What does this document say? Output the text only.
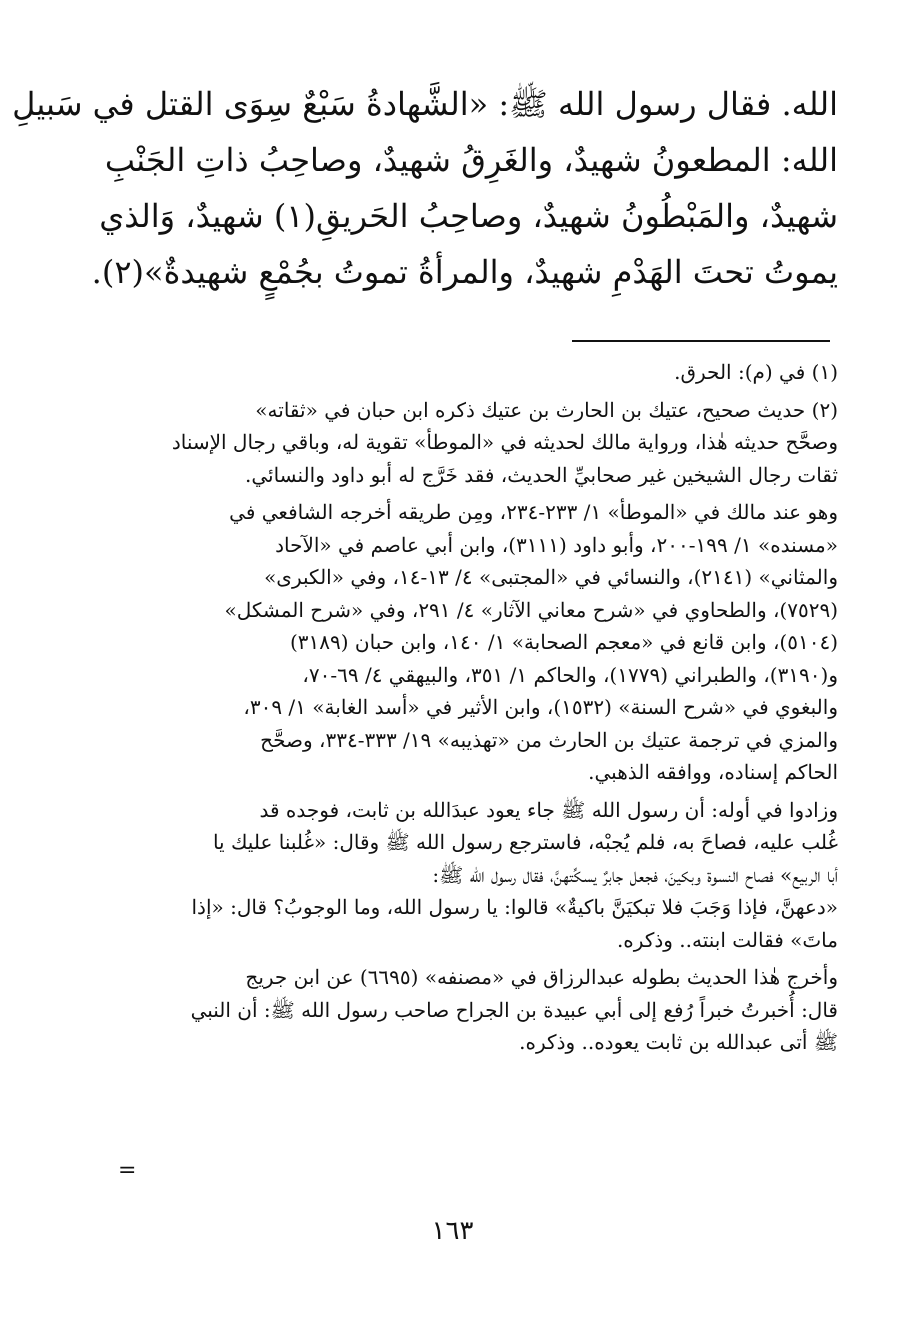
الله. فقال رسول الله ﷺ: «الشَّهادةُ سَبْعٌ سِوَى القتل في سَبيلِ
الله: المطعونُ شهيدٌ، والغَرِقُ شهيدٌ، وصاحِبُ ذاتِ الجَنْبِ
شهيدٌ، والمَبْطُونُ شهيدٌ، وصاحِبُ الحَريقِ(١) شهيدٌ، وَالذي
يموتُ تحتَ الهَدْمِ شهيدٌ، والمرأةُ تموتُ بجُمْعٍ شهيدةٌ»(٢).
(١) في (م): الحرق.
(٢) حديث صحيح، عتيك بن الحارث بن عتيك ذكره ابن حبان في «ثقاته»
وصحَّح حديثه هٰذا، ورواية مالك لحديثه في «الموطأ» تقوية له، وباقي رجال الإسناد
ثقات رجال الشيخين غير صحابيِّ الحديث، فقد خَرَّج له أبو داود والنسائي.
وهو عند مالك في «الموطأ» ١/ ٢٣٣-٢٣٤، ومِن طريقه أخرجه الشافعي في
«مسنده» ١/ ١٩٩-٢٠٠، وأبو داود (٣١١١)، وابن أبي عاصم في «الآحاد
والمثاني» (٢١٤١)، والنسائي في «المجتبى» ٤/ ١٣-١٤، وفي «الكبرى»
(٧٥٢٩)، والطحاوي في «شرح معاني الآثار» ٤/ ٢٩١، وفي «شرح المشكل»
(٥١٠٤)، وابن قانع في «معجم الصحابة» ١/ ١٤٠، وابن حبان (٣١٨٩)
و(٣١٩٠)، والطبراني (١٧٧٩)، والحاكم ١/ ٣٥١، والبيهقي ٤/ ٦٩-٧٠،
والبغوي في «شرح السنة» (١٥٣٢)، وابن الأثير في «أسد الغابة» ١/ ٣٠٩،
والمزي في ترجمة عتيك بن الحارث من «تهذيبه» ١٩/ ٣٣٣-٣٣٤، وصحَّح
الحاكم إسناده، ووافقه الذهبي.
وزادوا في أوله: أن رسول الله ﷺ جاء يعود عبدَالله بن ثابت، فوجده قد
غُلب عليه، فصاحَ به، فلم يُجبْه، فاسترجع رسول الله ﷺ وقال: «غُلبنا عليك يا
أبا الربيع» فصاح النسوة وبكينَ، فجعل جابرٌ يسكِّتهنَّ، فقال رسول الله ﷺ:
«دعهنَّ، فإذا وَجَبَ فلا تبكيَنَّ باكيةٌ» قالوا: يا رسول الله، وما الوجوبُ؟ قال: «إذا
ماتَ» فقالت ابنته.. وذكره.
وأخرج هٰذا الحديث بطوله عبدالرزاق في «مصنفه» (٦٦٩٥) عن ابن جريج
قال: أُخبرتُ خبراً رُفع إلى أبي عبيدة بن الجراح صاحب رسول الله ﷺ: أن النبي
ﷺ أتى عبدالله بن ثابت يعوده.. وذكره.
=
١٦٣
